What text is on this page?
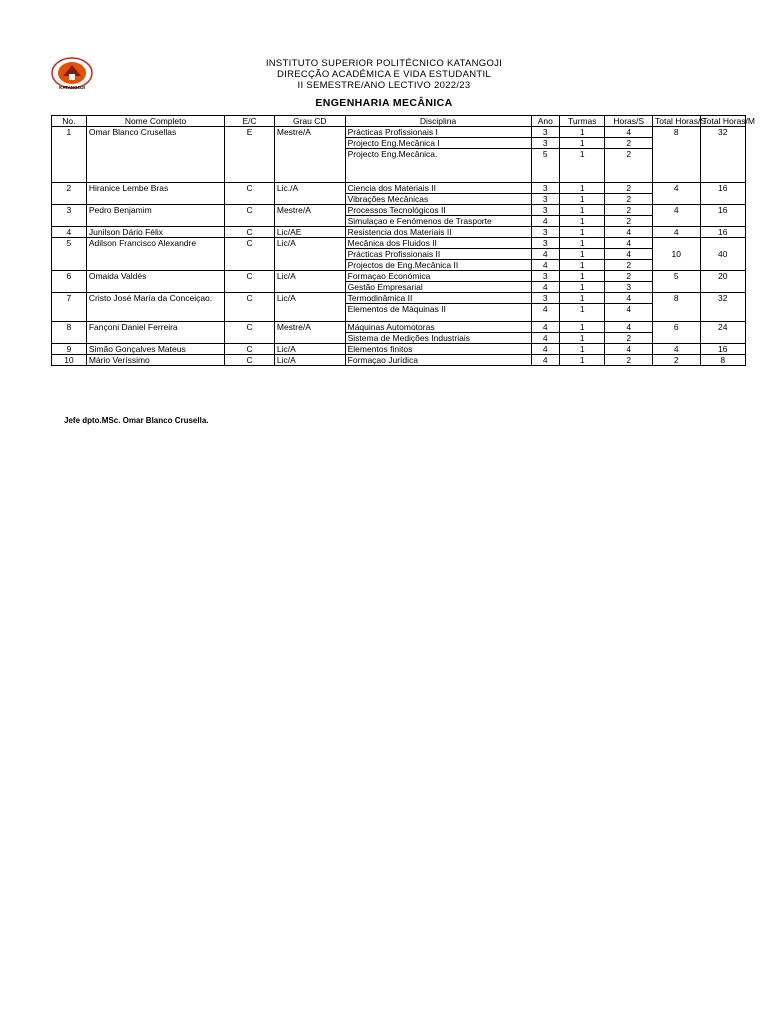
KATANGOJI
INSTITUTO SUPERIOR POLITÉCNICO KATANGOJI
DIRECÇÃO ACADÉMICA E VIDA ESTUDANTIL
II SEMESTRE/ANO LECTIVO 2022/23
ENGENHARIA MECÂNICA
No.	Nome Completo	E/C	Grau CD	Disciplina	Ano	Turmas	Horas/S	Total Horas/S	Total Horas/M
1	Omar Blanco Crusellas	E	Mestre/A	Prácticas Profissionais I	3	1	4	8	32
				Projecto Eng.Mecânica I	3	1	2		
				Projecto Eng.Mecânica.	5	1	2		
2	Hiranice Lembe Bras	C	Lic./A	Ciencia dos Materiais II	3	1	2	4	16
				Vibrações Mecânicas	3	1	2		
3	Pedro Benjamim	C	Mestre/A	Processos Tecnológicos II	3	1	2	4	16
				Simulaçao e Fenómenos de Trasporte	4	1	2		
4	Junilson Dário Félix	C	Lic/AE	Resistencia dos Materiais II	3	1	4	4	16
5	Adilson Francisco Alexandre	C	Lic/A	Mecânica dos Fluidos II	3	1	4	10	40
				Prácticas Profissionais II	4	1	4		
				Projectos de Eng.Mecânica II	4	1	2		
6	Omaida Valdés	C	Lic/A	Formaçao Económica	3	1	2	5	20
				Gestão Empresarial	4	1	3		
7	Cristo José María da Conceiçao.	C	Lic/A	Termodinâmica II	3	1	4	8	32
				Elementos de Máquinas II	4	1	4		
8	Fançoni Daniel Ferreira	C	Mestre/A	Máquinas Automotoras	4	1	4	6	24
				Sistema de Medições Industriais	4	1	2		
9	Simão Gonçalves Mateus	C	Lic/A	Elementos finitos	4	1	4	4	16
10	Mário Veríssimo	C	Lic/A	Formaçao Jurídica	4	1	2	2	8
Jefe dpto.MSc. Omar Blanco Crusella.
